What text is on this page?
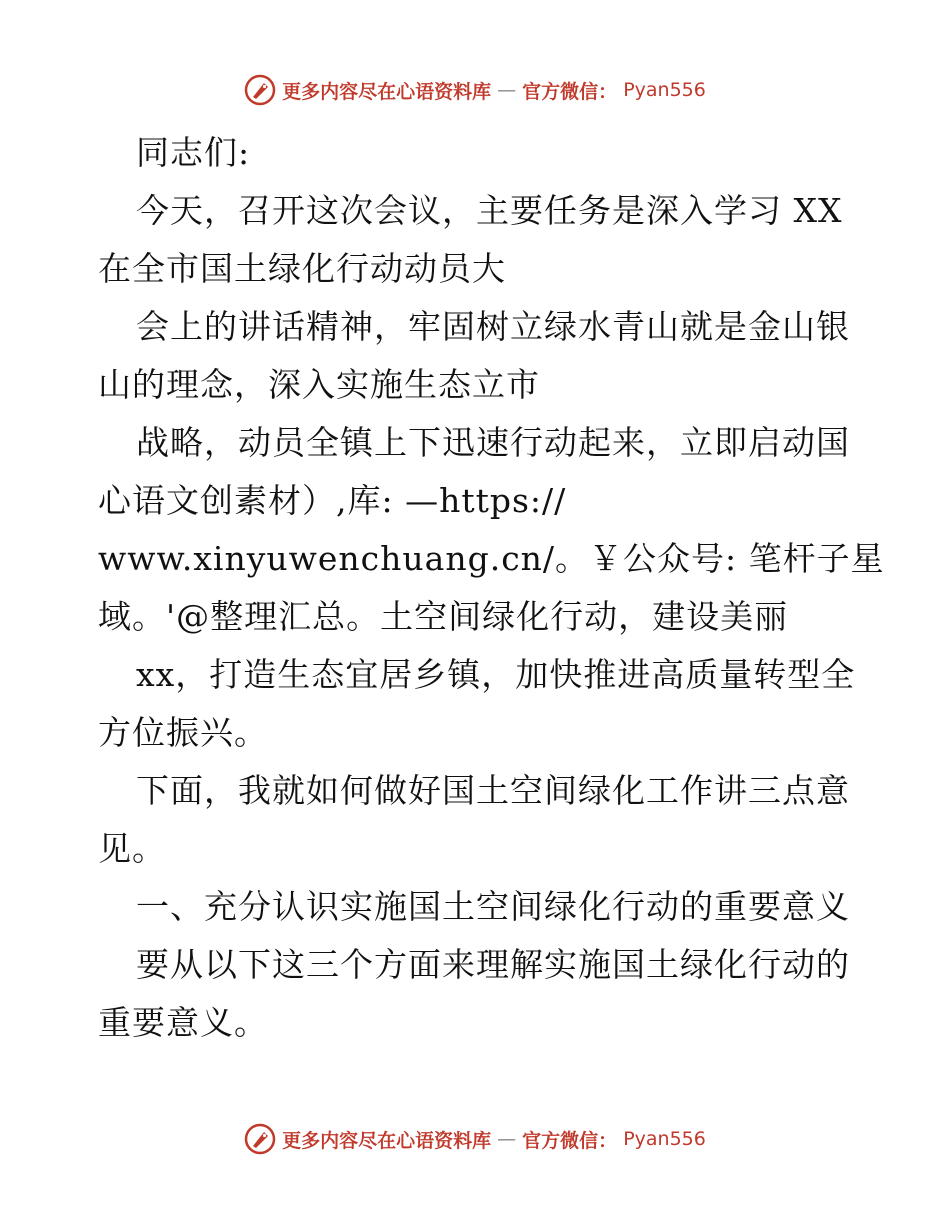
更多内容尽在心语资料库 — 官方微信： Pyan556
同志们:
今天，召开这次会议，主要任务是深入学习 XX
在全市国土绿化行动动员大
会上的讲话精神，牢固树立绿水青山就是金山银
山的理念，深入实施生态立市
战略，动员全镇上下迅速行动起来，立即启动国
心语文创素材）,库: —https://
www.xinyuwenchuang.cn/。￥公众号: 笔杆子星
域。'@整理汇总。土空间绿化行动，建设美丽
xx，打造生态宜居乡镇，加快推进高质量转型全
方位振兴。
下面，我就如何做好国土空间绿化工作讲三点意
见。
一、充分认识实施国土空间绿化行动的重要意义
要从以下这三个方面来理解实施国土绿化行动的
重要意义。
更多内容尽在心语资料库 — 官方微信： Pyan556
